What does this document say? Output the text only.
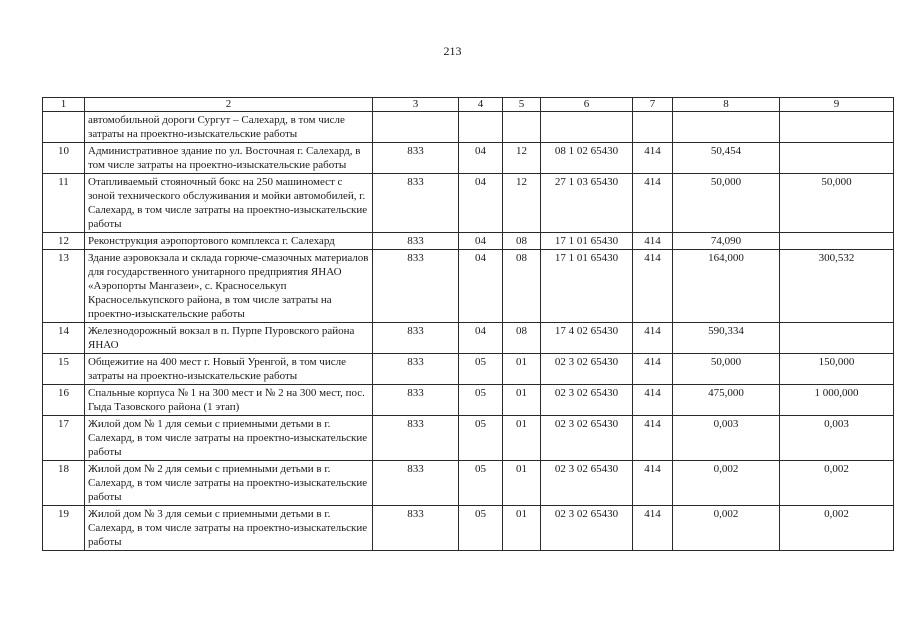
213
1	2	3	4	5	6	7	8	9
	автомобильной дороги Сургут – Салехард, в том числе затраты на проектно-изыскательские работы							
10	Административное здание по ул. Восточная г. Салехард, в том числе затраты на проектно-изыскательские работы	833	04	12	08 1 02 65430	414	50,454	
11	Отапливаемый стояночный бокс на 250 машиномест с зоной технического обслуживания и мойки автомобилей, г. Салехард, в том числе затраты на проектно-изыскательские работы	833	04	12	27 1 03 65430	414	50,000	50,000
12	Реконструкция аэропортового комплекса г. Салехард	833	04	08	17 1 01 65430	414	74,090	
13	Здание аэровокзала и склада горюче-смазочных материалов для государственного унитарного предприятия ЯНАО «Аэропорты Мангазеи», с. Красноселькуп Красноселькупского района, в том числе затраты на проектно-изыскательские работы	833	04	08	17 1 01 65430	414	164,000	300,532
14	Железнодорожный вокзал в п. Пурпе Пуровского района ЯНАО	833	04	08	17 4 02 65430	414	590,334	
15	Общежитие на 400 мест г. Новый Уренгой, в том числе затраты на проектно-изыскательские работы	833	05	01	02 3 02 65430	414	50,000	150,000
16	Спальные корпуса № 1 на 300 мест и № 2 на 300 мест, пос. Гыда Тазовского района (1 этап)	833	05	01	02 3 02 65430	414	475,000	1 000,000
17	Жилой дом № 1 для семьи с приемными детьми в г. Салехард, в том числе затраты на проектно-изыскательские работы	833	05	01	02 3 02 65430	414	0,003	0,003
18	Жилой дом № 2 для семьи с приемными детьми в г. Салехард, в том числе затраты на проектно-изыскательские работы	833	05	01	02 3 02 65430	414	0,002	0,002
19	Жилой дом № 3 для семьи с приемными детьми в г. Салехард, в том числе затраты на проектно-изыскательские работы	833	05	01	02 3 02 65430	414	0,002	0,002
